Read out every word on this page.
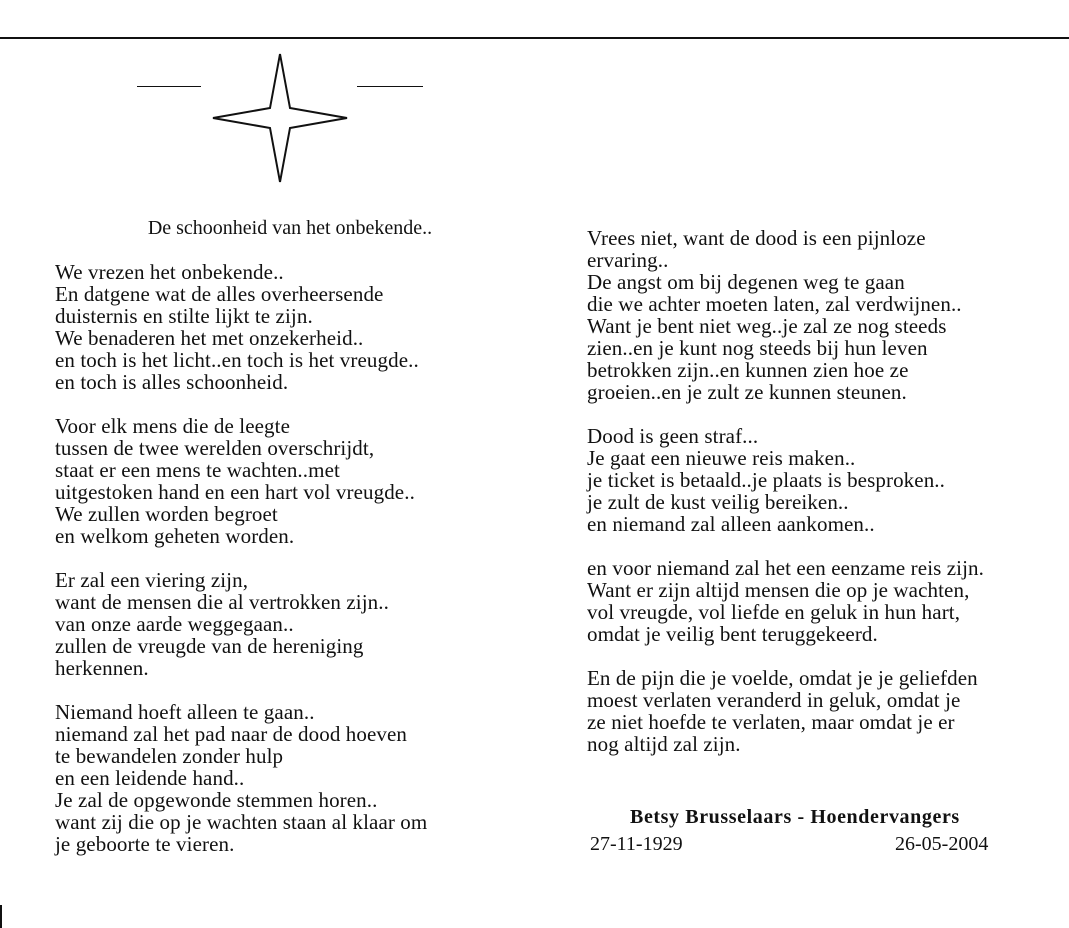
De schoonheid van het onbekende..
We vrezen het onbekende..
En datgene wat de alles overheersende
duisternis en stilte lijkt te zijn.
We benaderen het met onzekerheid..
en toch is het licht..en toch is het vreugde..
en toch is alles schoonheid.
Voor elk mens die de leegte
tussen de twee werelden overschrijdt,
staat er een mens te wachten..met
uitgestoken hand en een hart vol vreugde..
We zullen worden begroet
en welkom geheten worden.
Er zal een viering zijn,
want de mensen die al vertrokken zijn..
van onze aarde weggegaan..
zullen de vreugde van de hereniging
herkennen.
Niemand hoeft alleen te gaan..
niemand zal het pad naar de dood hoeven
te bewandelen zonder hulp
en een leidende hand..
Je zal de opgewonde stemmen horen..
want zij die op je wachten staan al klaar om
je geboorte te vieren.
Vrees niet, want de dood is een pijnloze
ervaring..
De angst om bij degenen weg te gaan
die we achter moeten laten, zal verdwijnen..
Want je bent niet weg..je zal ze nog steeds
zien..en je kunt nog steeds bij hun leven
betrokken zijn..en kunnen zien hoe ze
groeien..en je zult ze kunnen steunen.
Dood is geen straf...
Je gaat een nieuwe reis maken..
je ticket is betaald..je plaats is besproken..
je zult de kust veilig bereiken..
en niemand zal alleen aankomen..
en voor niemand zal het een eenzame reis zijn.
Want er zijn altijd mensen die op je wachten,
vol vreugde, vol liefde en geluk in hun hart,
omdat je veilig bent teruggekeerd.
En de pijn die je voelde, omdat je je geliefden
moest verlaten veranderd in geluk, omdat je
ze niet hoefde te verlaten, maar omdat je er
nog altijd zal zijn.
Betsy Brusselaars - Hoendervangers
27-11-1929	26-05-2004
